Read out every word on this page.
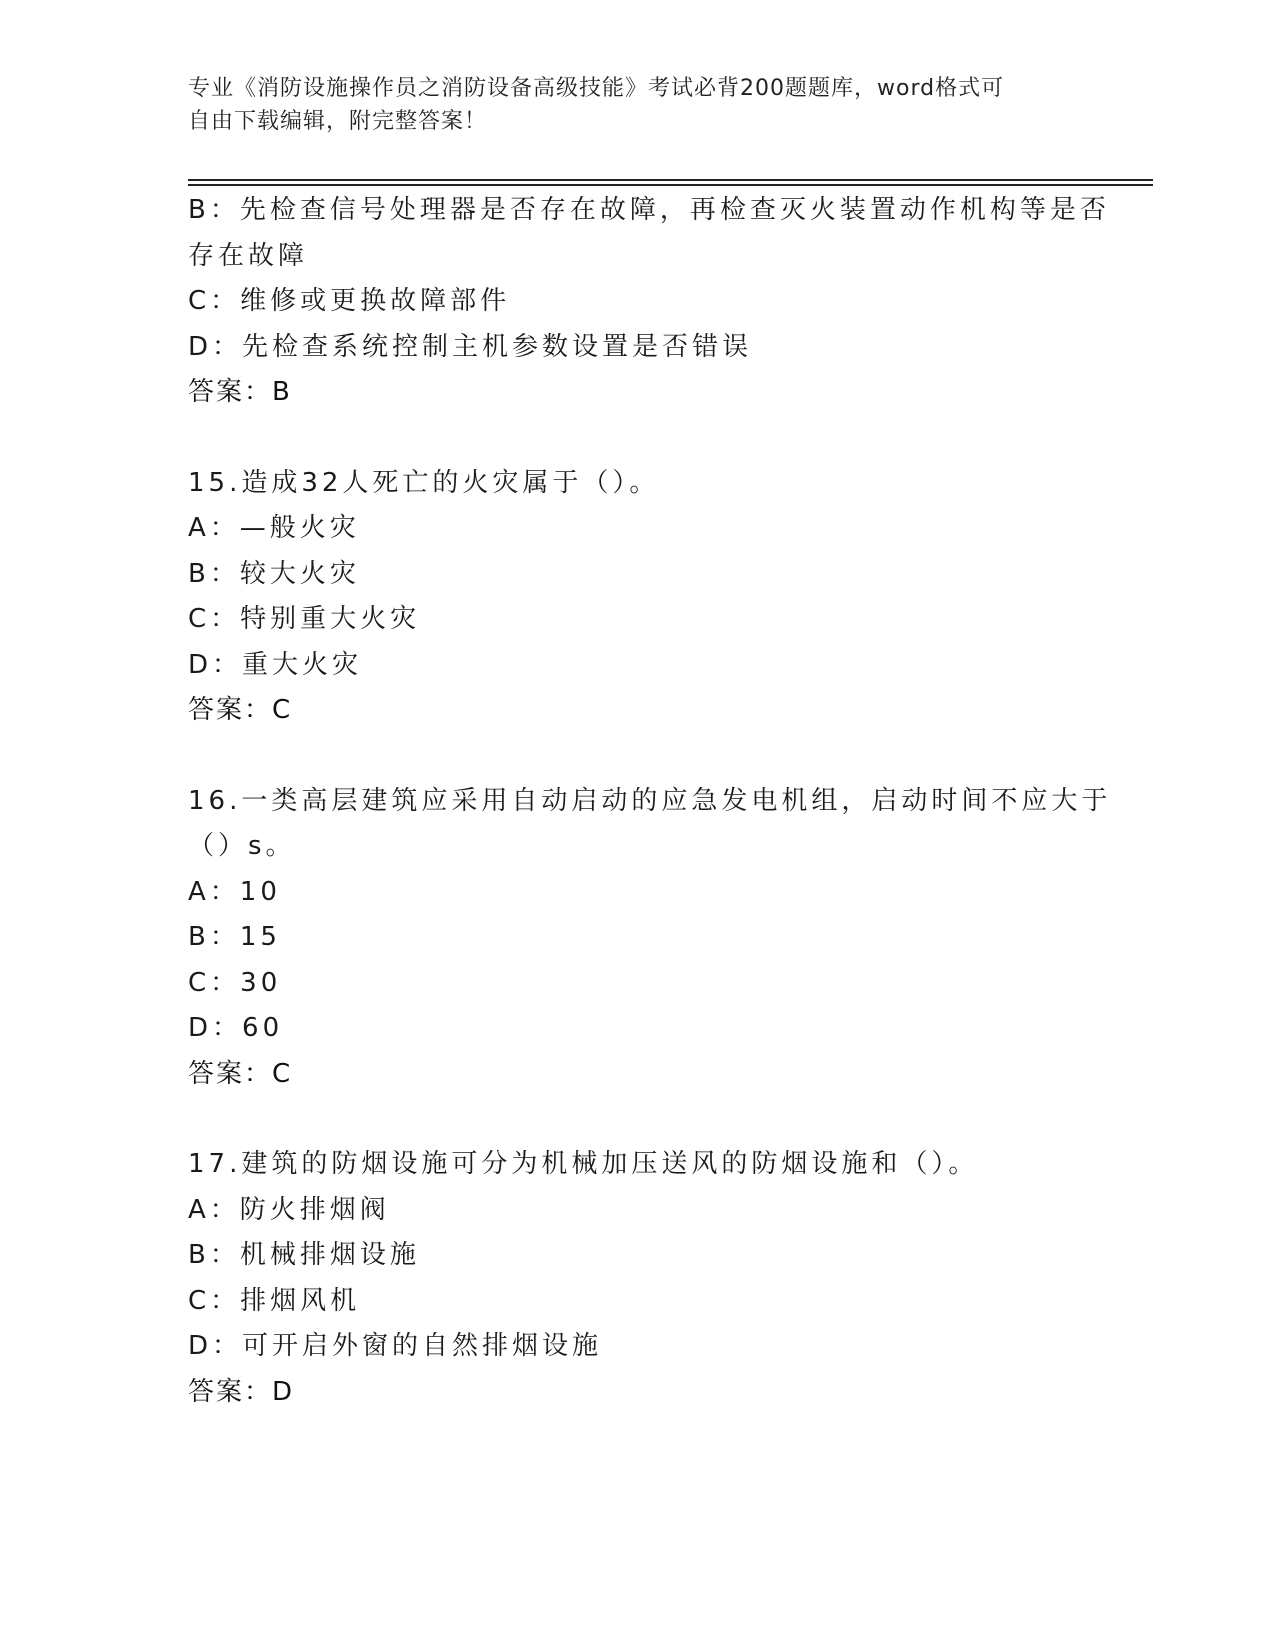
专业《消防设施操作员之消防设备高级技能》考试必背200题题库，word格式可
自由下载编辑，附完整答案！
B：先检查信号处理器是否存在故障，再检查灭火装置动作机构等是否
存在故障
C：维修或更换故障部件
D：先检查系统控制主机参数设置是否错误
答案：B
15.造成32人死亡的火灾属于（）。
A：—般火灾
B：较大火灾
C：特别重大火灾
D：重大火灾
答案：C
16.一类高层建筑应采用自动启动的应急发电机组，启动时间不应大于
（）s。
A：10
B：15
C：30
D：60
答案：C
17.建筑的防烟设施可分为机械加压送风的防烟设施和（）。
A：防火排烟阀
B：机械排烟设施
C：排烟风机
D：可开启外窗的自然排烟设施
答案：D
